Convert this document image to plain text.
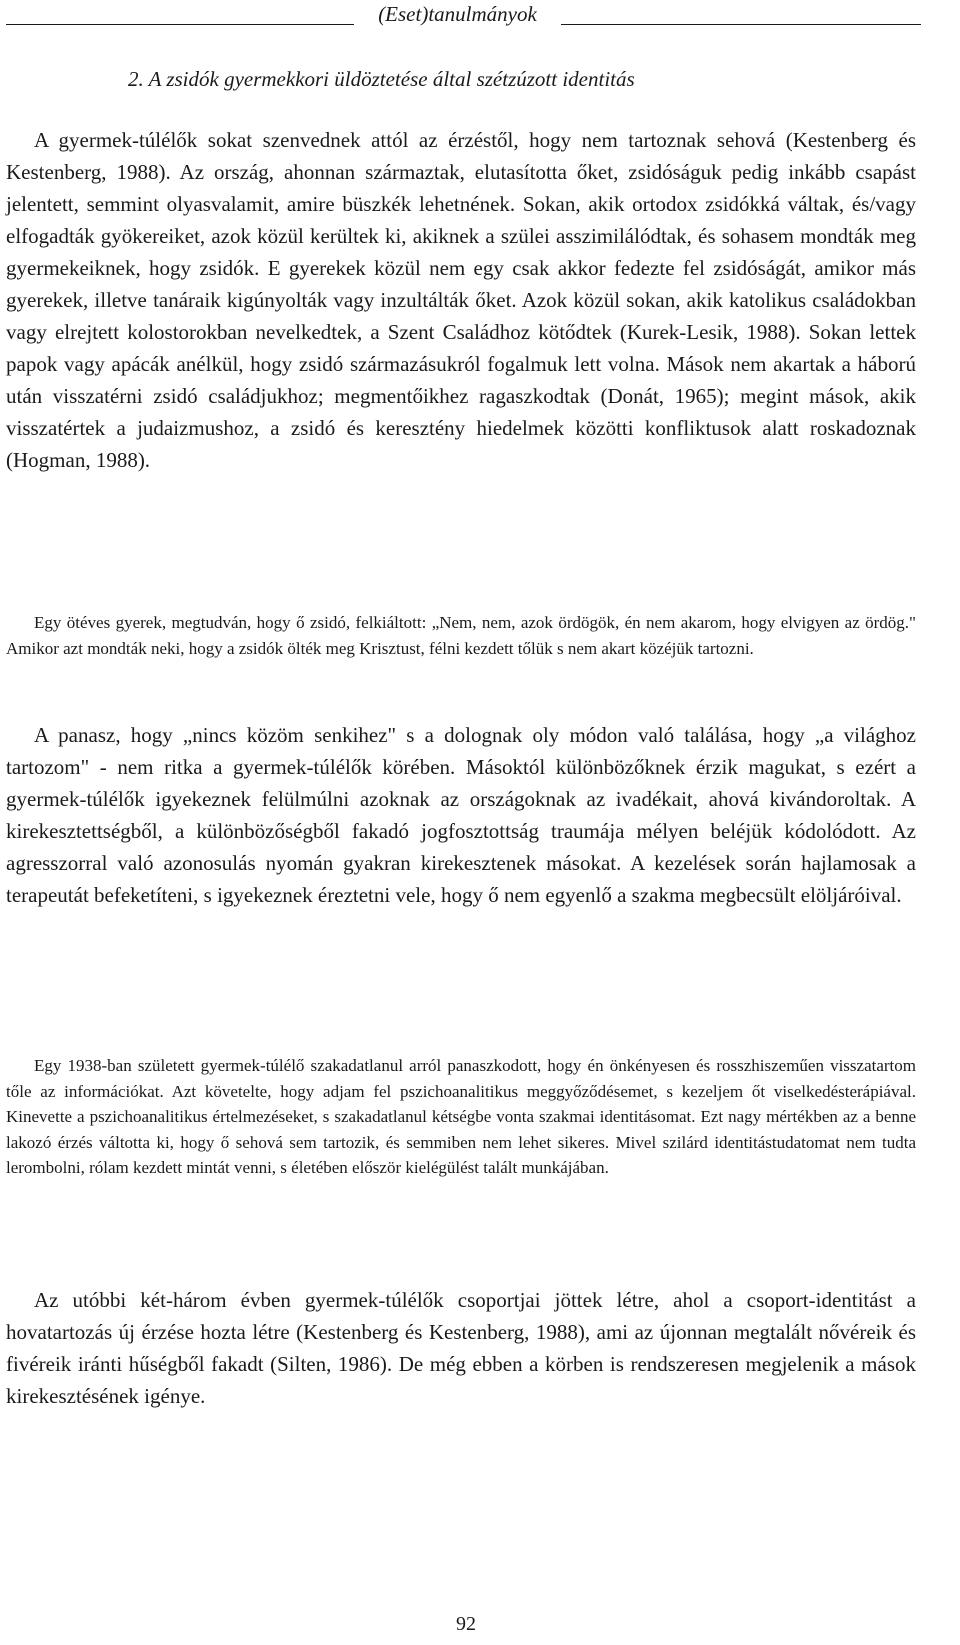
(Eset)tanulmányok
2. A zsidók gyermekkori üldöztetése által szétzúzott identitás

A gyermek-túlélők sokat szenvednek attól az érzéstől, hogy nem tartoznak sehová (Kestenberg és Kestenberg, 1988). Az ország, ahonnan származtak, elutasította őket, zsidóságuk pedig inkább csapást jelentett, semmint olyasvalamit, amire büszkék lehetnének. Sokan, akik ortodox zsidókká váltak, és/vagy elfogadták gyökereiket, azok közül kerültek ki, akiknek a szülei asszimilálódtak, és sohasem mondták meg gyermekeiknek, hogy zsidók. E gyerekek közül nem egy csak akkor fedezte fel zsidóságát, amikor más gyerekek, illetve tanáraik kigúnyolták vagy inzultálták őket. Azok közül sokan, akik katolikus családokban vagy elrejtett kolostorokban nevelkedtek, a Szent Családhoz kötődtek (Kurek-Lesik, 1988). Sokan lettek papok vagy apácák anélkül, hogy zsidó származásukról fogalmuk lett volna. Mások nem akartak a háború után visszatérni zsidó családjukhoz; megmentőikhez ragaszkodtak (Donát, 1965); megint mások, akik visszatértek a judaizmushoz, a zsidó és keresztény hiedelmek közötti konfliktusok alatt roskadoznak (Hogman, 1988).

Egy ötéves gyerek, megtudván, hogy ő zsidó, felkiáltott: „Nem, nem, azok ördögök, én nem akarom, hogy elvigyen az ördög." Amikor azt mondták neki, hogy a zsidók ölték meg Krisztust, félni kezdett tőlük s nem akart közéjük tartozni.

A panasz, hogy „nincs közöm senkihez" s a dolognak oly módon való találása, hogy „a világhoz tartozom" - nem ritka a gyermek-túlélők körében. Másoktól különbözőknek érzik magukat, s ezért a gyermek-túlélők igyekeznek felülmúlni azoknak az országoknak az ivadékait, ahová kivándoroltak. A kirekesztettségből, a különbözőségből fakadó jogfosztottság traumája mélyen beléjük kódolódott. Az agresszorral való azonosulás nyomán gyakran kirekesztenek másokat. A kezelések során hajlamosak a terapeutát befeketíteni, s igyekeznek éreztetni vele, hogy ő nem egyenlő a szakma megbecsült elöljáróival.

Egy 1938-ban született gyermek-túlélő szakadatlanul arról panaszkodott, hogy én önkényesen és rosszhiszeműen visszatartom tőle az információkat. Azt követelte, hogy adjam fel pszichoanalitikus meggyőződésemet, s kezeljem őt viselkedésterápiával. Kinevette a pszichoanalitikus értelmezéseket, s szakadatlanul kétségbe vonta szakmai identitásomat. Ezt nagy mértékben az a benne lakozó érzés váltotta ki, hogy ő sehová sem tartozik, és semmiben nem lehet sikeres. Mivel szilárd identitástudatomat nem tudta lerombolni, rólam kezdett mintát venni, s életében először kielégülést talált munkájában.

Az utóbbi két-három évben gyermek-túlélők csoportjai jöttek létre, ahol a csoport-identitást a hovatartozás új érzése hozta létre (Kestenberg és Kestenberg, 1988), ami az újonnan megtalált nővéreik és fivéreik iránti hűségből fakadt (Silten, 1986). De még ebben a körben is rendszeresen megjelenik a mások kirekesztésének igénye.

92
